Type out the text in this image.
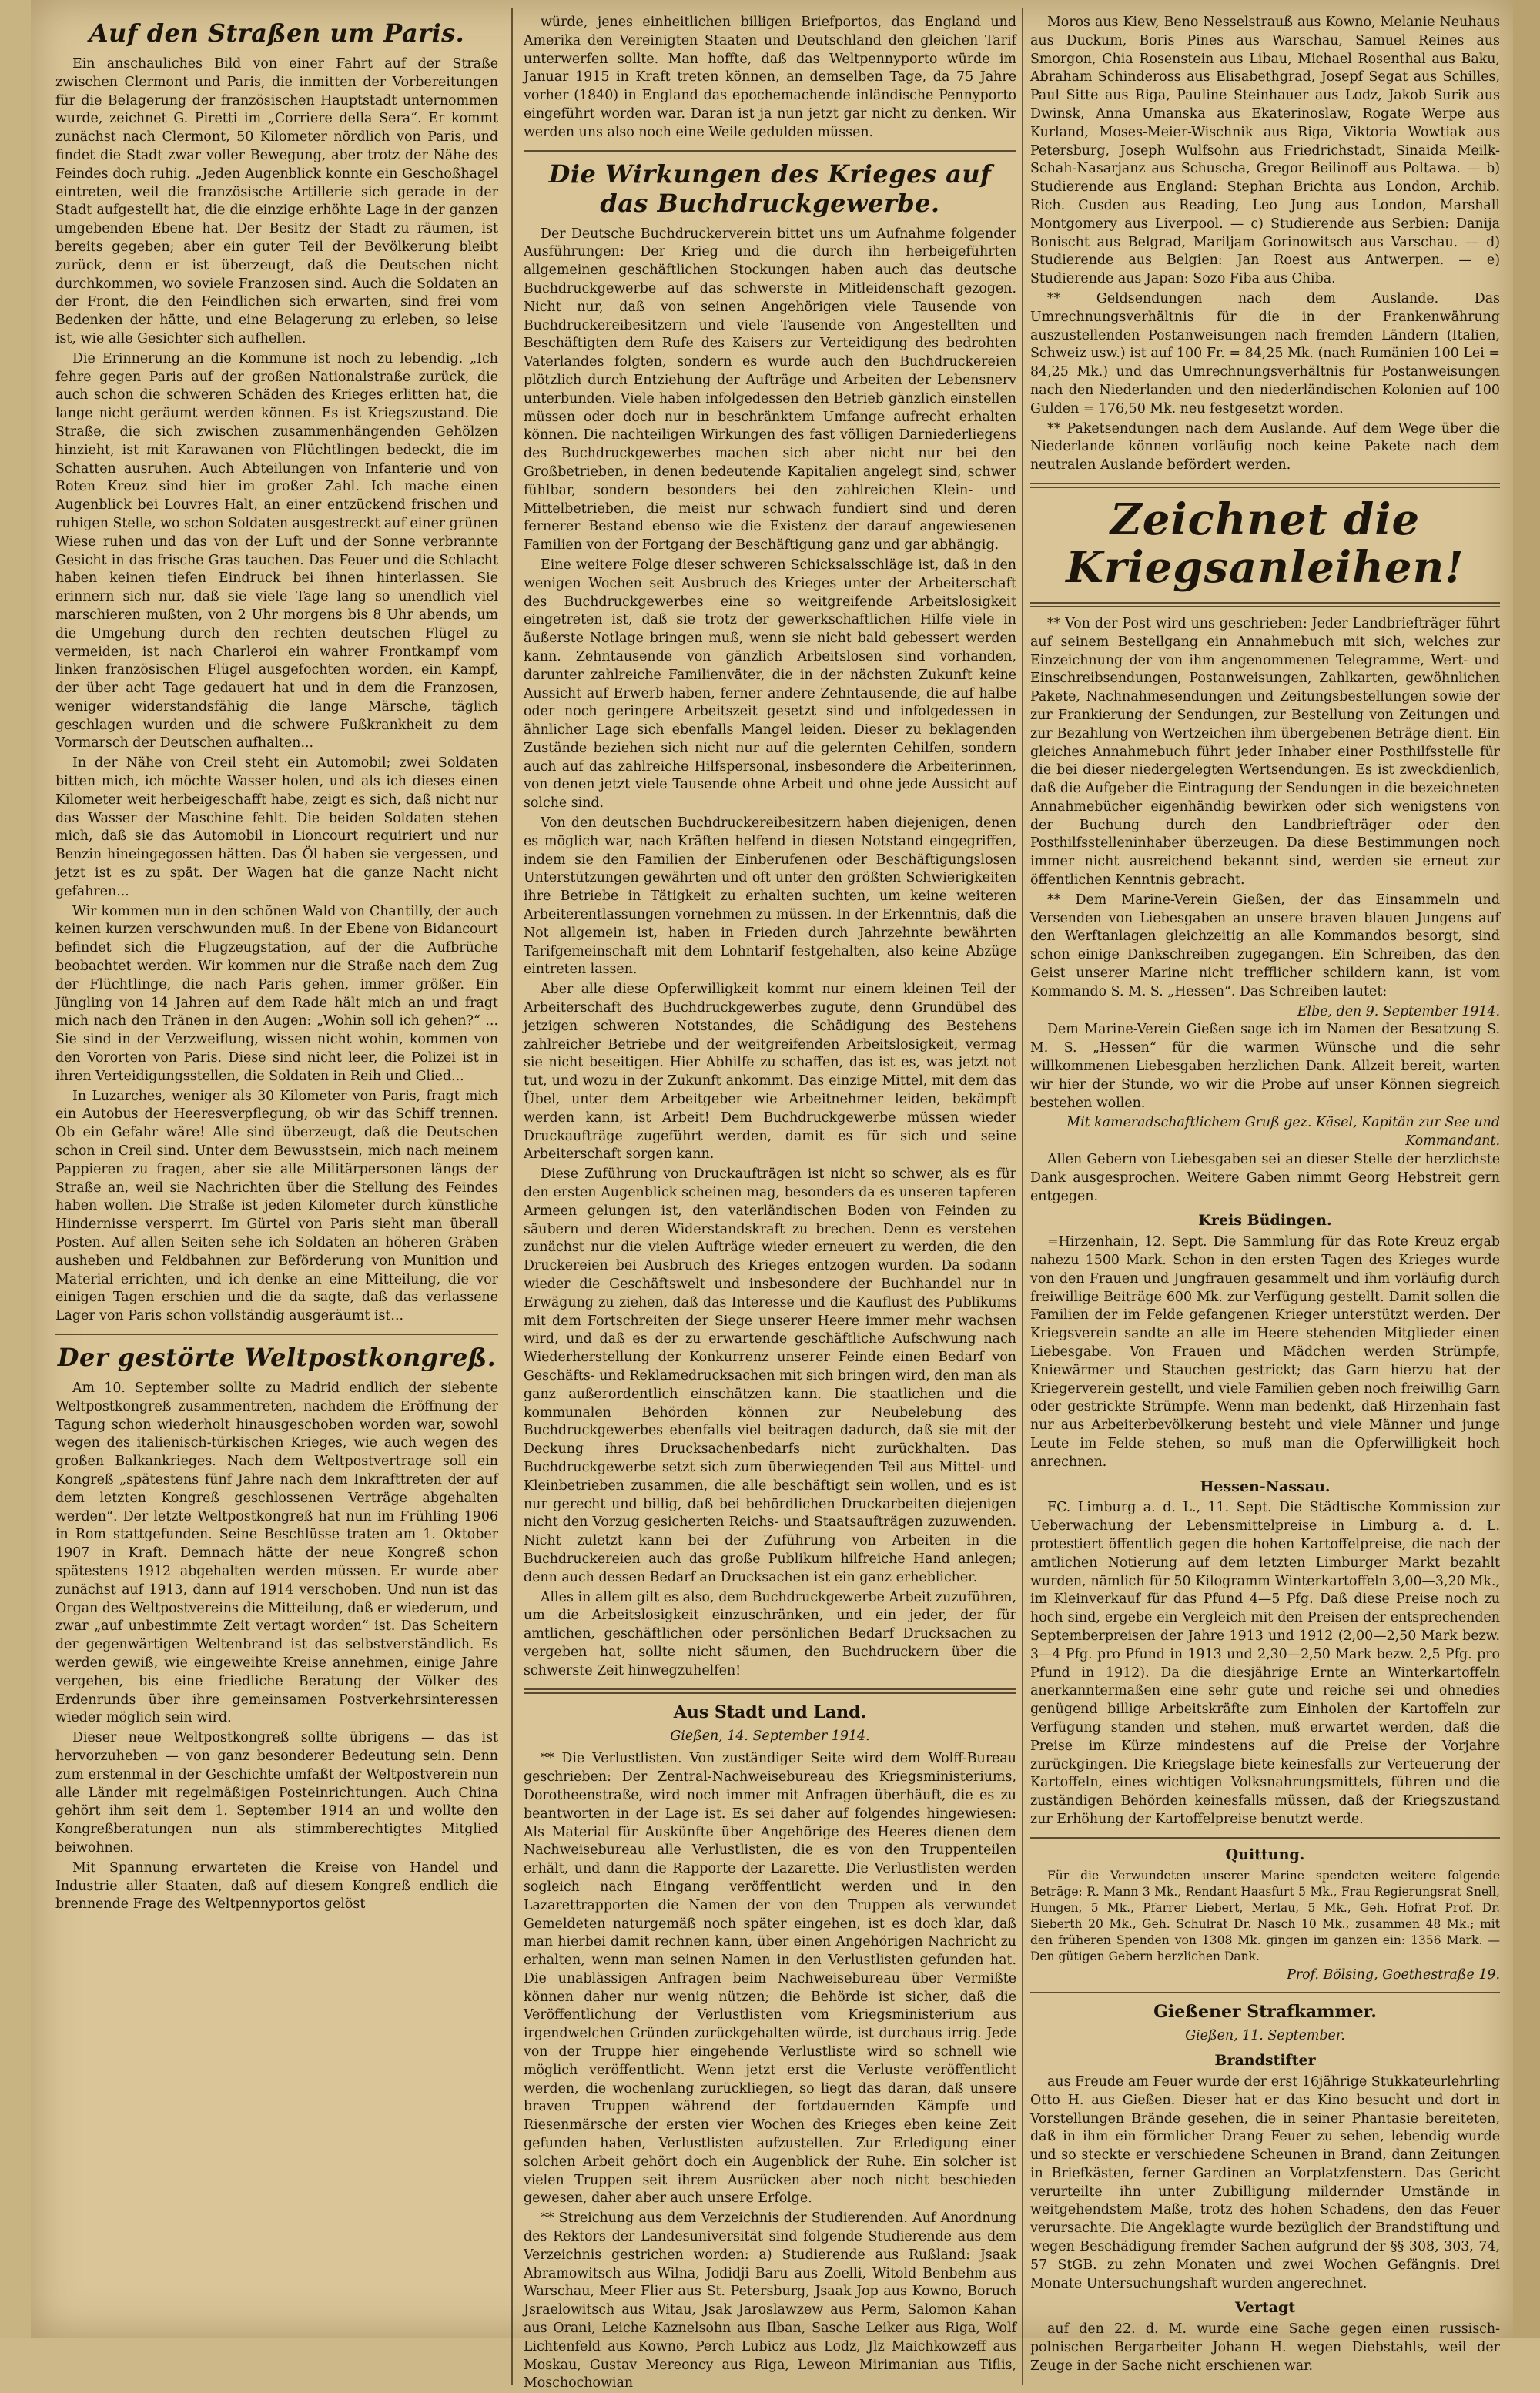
Auf den Straßen um Paris.

Ein anschauliches Bild von einer Fahrt auf der Straße zwischen Clermont und Paris, die inmitten der Vorbereitungen für die Belagerung der französischen Hauptstadt unternommen wurde, zeichnet G. Piretti im „Corriere della Sera“. Er kommt zunächst nach Clermont, 50 Kilometer nördlich von Paris, und findet die Stadt zwar voller Bewegung, aber trotz der Nähe des Feindes doch ruhig. „Jeden Augenblick konnte ein Geschoßhagel eintreten, weil die französische Artillerie sich gerade in der Stadt aufgestellt hat, die die einzige erhöhte Lage in der ganzen umgebenden Ebene hat. Der Besitz der Stadt zu räumen, ist bereits gegeben; aber ein guter Teil der Bevölkerung bleibt zurück, denn er ist überzeugt, daß die Deutschen nicht durchkommen, wo soviele Franzosen sind. Auch die Soldaten an der Front, die den Feindlichen sich erwarten, sind frei vom Bedenken der hätte, und eine Belagerung zu erleben, so leise ist, wie alle Gesichter sich aufhellen.

Die Erinnerung an die Kommune ist noch zu lebendig. „Ich fehre gegen Paris auf der großen Nationalstraße zurück, die auch schon die schweren Schäden des Krieges erlitten hat, die lange nicht geräumt werden können. Es ist Kriegszustand. Die Straße, die sich zwischen zusammenhängenden Gehölzen hinzieht, ist mit Karawanen von Flüchtlingen bedeckt, die im Schatten ausruhen. Auch Abteilungen von Infanterie und von Roten Kreuz sind hier im großer Zahl. Ich mache einen Augenblick bei Louvres Halt, an einer entzückend frischen und ruhigen Stelle, wo schon Soldaten ausgestreckt auf einer grünen Wiese ruhen und das von der Luft und der Sonne verbrannte Gesicht in das frische Gras tauchen. Das Feuer und die Schlacht haben keinen tiefen Eindruck bei ihnen hinterlassen. Sie erinnern sich nur, daß sie viele Tage lang so unendlich viel marschieren mußten, von 2 Uhr morgens bis 8 Uhr abends, um die Umgehung durch den rechten deutschen Flügel zu vermeiden, ist nach Charleroi ein wahrer Frontkampf vom linken französischen Flügel ausgefochten worden, ein Kampf, der über acht Tage gedauert hat und in dem die Franzosen, weniger widerstandsfähig die lange Märsche, täglich geschlagen wurden und die schwere Fußkrankheit zu dem Vormarsch der Deutschen aufhalten...

In der Nähe von Creil steht ein Automobil; zwei Soldaten bitten mich, ich möchte Wasser holen, und als ich dieses einen Kilometer weit herbeigeschafft habe, zeigt es sich, daß nicht nur das Wasser der Maschine fehlt. Die beiden Soldaten stehen mich, daß sie das Automobil in Lioncourt requiriert und nur Benzin hineingegossen hätten. Das Öl haben sie vergessen, und jetzt ist es zu spät. Der Wagen hat die ganze Nacht nicht gefahren...

Wir kommen nun in den schönen Wald von Chantilly, der auch keinen kurzen verschwunden muß. In der Ebene von Bidancourt befindet sich die Flugzeugstation, auf der die Aufbrüche beobachtet werden. Wir kommen nur die Straße nach dem Zug der Flüchtlinge, die nach Paris gehen, immer größer. Ein Jüngling von 14 Jahren auf dem Rade hält mich an und fragt mich nach den Tränen in den Augen: „Wohin soll ich gehen?“ ... Sie sind in der Verzweiflung, wissen nicht wohin, kommen von den Vororten von Paris. Diese sind nicht leer, die Polizei ist in ihren Verteidigungsstellen, die Soldaten in Reih und Glied...

In Luzarches, weniger als 30 Kilometer von Paris, fragt mich ein Autobus der Heeresverpflegung, ob wir das Schiff trennen. Ob ein Gefahr wäre! Alle sind überzeugt, daß die Deutschen schon in Creil sind. Unter dem Bewusstsein, mich nach meinem Pappieren zu fragen, aber sie alle Militärpersonen längs der Straße an, weil sie Nachrichten über die Stellung des Feindes haben wollen. Die Straße ist jeden Kilometer durch künstliche Hindernisse versperrt. Im Gürtel von Paris sieht man überall Posten. Auf allen Seiten sehe ich Soldaten an höheren Gräben ausheben und Feldbahnen zur Beförderung von Munition und Material errichten, und ich denke an eine Mitteilung, die vor einigen Tagen erschien und die da sagte, daß das verlassene Lager von Paris schon vollständig ausgeräumt ist...

Der gestörte Weltpostkongreß.

Am 10. September sollte zu Madrid endlich der siebente Weltpostkongreß zusammentreten, nachdem die Eröffnung der Tagung schon wiederholt hinausgeschoben worden war, sowohl wegen des italienisch-türkischen Krieges, wie auch wegen des großen Balkankrieges. Nach dem Weltpostvertrage soll ein Kongreß „spätestens fünf Jahre nach dem Inkrafttreten der auf dem letzten Kongreß geschlossenen Verträge abgehalten werden“. Der letzte Weltpostkongreß hat nun im Frühling 1906 in Rom stattgefunden. Seine Beschlüsse traten am 1. Oktober 1907 in Kraft. Demnach hätte der neue Kongreß schon spätestens 1912 abgehalten werden müssen. Er wurde aber zunächst auf 1913, dann auf 1914 verschoben. Und nun ist das Organ des Weltpostvereins die Mitteilung, daß er wiederum, und zwar „auf unbestimmte Zeit vertagt worden“ ist. Das Scheitern der gegenwärtigen Weltenbrand ist das selbstverständlich. Es werden gewiß, wie eingeweihte Kreise annehmen, einige Jahre vergehen, bis eine friedliche Beratung der Völker des Erdenrunds über ihre gemeinsamen Postverkehrsinteressen wieder möglich sein wird.

Dieser neue Weltpostkongreß sollte übrigens — das ist hervorzuheben — von ganz besonderer Bedeutung sein. Denn zum erstenmal in der Geschichte umfaßt der Weltpostverein nun alle Länder mit regelmäßigen Posteinrichtungen. Auch China gehört ihm seit dem 1. September 1914 an und wollte den Kongreßberatungen nun als stimmberechtigtes Mitglied beiwohnen.

Mit Spannung erwarteten die Kreise von Handel und Industrie aller Staaten, daß auf diesem Kongreß endlich die brennende Frage des Weltpennyportos gelöst

würde, jenes einheitlichen billigen Briefportos, das England und Amerika den Vereinigten Staaten und Deutschland den gleichen Tarif unterwerfen sollte. Man hoffte, daß das Weltpennyporto würde im Januar 1915 in Kraft treten können, an demselben Tage, da 75 Jahre vorher (1840) in England das epochemachende inländische Pennyporto eingeführt worden war. Daran ist ja nun jetzt gar nicht zu denken. Wir werden uns also noch eine Weile gedulden müssen.

Die Wirkungen des Krieges auf das Buchdruckgewerbe.

Der Deutsche Buchdruckerverein bittet uns um Aufnahme folgender Ausführungen: Der Krieg und die durch ihn herbeigeführten allgemeinen geschäftlichen Stockungen haben auch das deutsche Buchdruckgewerbe auf das schwerste in Mitleidenschaft gezogen. Nicht nur, daß von seinen Angehörigen viele Tausende von Buchdruckereibesitzern und viele Tausende von Angestellten und Beschäftigten dem Rufe des Kaisers zur Verteidigung des bedrohten Vaterlandes folgten, sondern es wurde auch den Buchdruckereien plötzlich durch Entziehung der Aufträge und Arbeiten der Lebensnerv unterbunden. Viele haben infolgedessen den Betrieb gänzlich einstellen müssen oder doch nur in beschränktem Umfange aufrecht erhalten können. Die nachteiligen Wirkungen des fast völligen Darniederliegens des Buchdruckgewerbes machen sich aber nicht nur bei den Großbetrieben, in denen bedeutende Kapitalien angelegt sind, schwer fühlbar, sondern besonders bei den zahlreichen Klein- und Mittelbetrieben, die meist nur schwach fundiert sind und deren fernerer Bestand ebenso wie die Existenz der darauf angewiesenen Familien von der Fortgang der Beschäftigung ganz und gar abhängig.

Eine weitere Folge dieser schweren Schicksalsschläge ist, daß in den wenigen Wochen seit Ausbruch des Krieges unter der Arbeiterschaft des Buchdruckgewerbes eine so weitgreifende Arbeitslosigkeit eingetreten ist, daß sie trotz der gewerkschaftlichen Hilfe viele in äußerste Notlage bringen muß, wenn sie nicht bald gebessert werden kann. Zehntausende von gänzlich Arbeitslosen sind vorhanden, darunter zahlreiche Familienväter, die in der nächsten Zukunft keine Aussicht auf Erwerb haben, ferner andere Zehntausende, die auf halbe oder noch geringere Arbeitszeit gesetzt sind und infolgedessen in ähnlicher Lage sich ebenfalls Mangel leiden. Dieser zu beklagenden Zustände beziehen sich nicht nur auf die gelernten Gehilfen, sondern auch auf das zahlreiche Hilfspersonal, insbesondere die Arbeiterinnen, von denen jetzt viele Tausende ohne Arbeit und ohne jede Aussicht auf solche sind.

Von den deutschen Buchdruckereibesitzern haben diejenigen, denen es möglich war, nach Kräften helfend in diesen Notstand eingegriffen, indem sie den Familien der Einberufenen oder Beschäftigungslosen Unterstützungen gewährten und oft unter den größten Schwierigkeiten ihre Betriebe in Tätigkeit zu erhalten suchten, um keine weiteren Arbeiterentlassungen vornehmen zu müssen. In der Erkenntnis, daß die Not allgemein ist, haben in Frieden durch Jahrzehnte bewährten Tarifgemeinschaft mit dem Lohntarif festgehalten, also keine Abzüge eintreten lassen.

Aber alle diese Opferwilligkeit kommt nur einem kleinen Teil der Arbeiterschaft des Buchdruckgewerbes zugute, denn Grundübel des jetzigen schweren Notstandes, die Schädigung des Bestehens zahlreicher Betriebe und der weitgreifenden Arbeitslosigkeit, vermag sie nicht beseitigen. Hier Abhilfe zu schaffen, das ist es, was jetzt not tut, und wozu in der Zukunft ankommt. Das einzige Mittel, mit dem das Übel, unter dem Arbeitgeber wie Arbeitnehmer leiden, bekämpft werden kann, ist Arbeit! Dem Buchdruckgewerbe müssen wieder Druckaufträge zugeführt werden, damit es für sich und seine Arbeiterschaft sorgen kann.

Diese Zuführung von Druckaufträgen ist nicht so schwer, als es für den ersten Augenblick scheinen mag, besonders da es unseren tapferen Armeen gelungen ist, den vaterländischen Boden von Feinden zu säubern und deren Widerstandskraft zu brechen. Denn es verstehen zunächst nur die vielen Aufträge wieder erneuert zu werden, die den Druckereien bei Ausbruch des Krieges entzogen wurden. Da sodann wieder die Geschäftswelt und insbesondere der Buchhandel nur in Erwägung zu ziehen, daß das Interesse und die Kauflust des Publikums mit dem Fortschreiten der Siege unserer Heere immer mehr wachsen wird, und daß es der zu erwartende geschäftliche Aufschwung nach Wiederherstellung der Konkurrenz unserer Feinde einen Bedarf von Geschäfts- und Reklamedrucksachen mit sich bringen wird, den man als ganz außerordentlich einschätzen kann. Die staatlichen und die kommunalen Behörden können zur Neubelebung des Buchdruckgewerbes ebenfalls viel beitragen dadurch, daß sie mit der Deckung ihres Drucksachenbedarfs nicht zurückhalten. Das Buchdruckgewerbe setzt sich zum überwiegenden Teil aus Mittel- und Kleinbetrieben zusammen, die alle beschäftigt sein wollen, und es ist nur gerecht und billig, daß bei behördlichen Druckarbeiten diejenigen nicht den Vorzug gesicherten Reichs- und Staatsaufträgen zuzuwenden. Nicht zuletzt kann bei der Zuführung von Arbeiten in die Buchdruckereien auch das große Publikum hilfreiche Hand anlegen; denn auch dessen Bedarf an Drucksachen ist ein ganz erheblicher.

Alles in allem gilt es also, dem Buchdruckgewerbe Arbeit zuzuführen, um die Arbeitslosigkeit einzuschränken, und ein jeder, der für amtlichen, geschäftlichen oder persönlichen Bedarf Drucksachen zu vergeben hat, sollte nicht säumen, den Buchdruckern über die schwerste Zeit hinwegzuhelfen!

Aus Stadt und Land.
Gießen, 14. September 1914.

** Die Verlustlisten. Von zuständiger Seite wird dem Wolff-Bureau geschrieben: Der Zentral-Nachweisebureau des Kriegsministeriums, Dorotheenstraße, wird noch immer mit Anfragen überhäuft, die es zu beantworten in der Lage ist. Es sei daher auf folgendes hingewiesen: Als Material für Auskünfte über Angehörige des Heeres dienen dem Nachweisebureau alle Verlustlisten, die es von den Truppenteilen erhält, und dann die Rapporte der Lazarette. Die Verlustlisten werden sogleich nach Eingang veröffentlicht werden und in den Lazarettrapporten die Namen der von den Truppen als verwundet Gemeldeten naturgemäß noch später eingehen, ist es doch klar, daß man hierbei damit rechnen kann, über einen Angehörigen Nachricht zu erhalten, wenn man seinen Namen in den Verlustlisten gefunden hat. Die unablässigen Anfragen beim Nachweisebureau über Vermißte können daher nur wenig nützen; die Behörde ist sicher, daß die Veröffentlichung der Verlustlisten vom Kriegsministerium aus irgendwelchen Gründen zurückgehalten würde, ist durchaus irrig. Jede von der Truppe hier eingehende Verlustliste wird so schnell wie möglich veröffentlicht. Wenn jetzt erst die Verluste veröffentlicht werden, die wochenlang zurückliegen, so liegt das daran, daß unsere braven Truppen während der fortdauernden Kämpfe und Riesenmärsche der ersten vier Wochen des Krieges eben keine Zeit gefunden haben, Verlustlisten aufzustellen. Zur Erledigung einer solchen Arbeit gehört doch ein Augenblick der Ruhe. Ein solcher ist vielen Truppen seit ihrem Ausrücken aber noch nicht beschieden gewesen, daher aber auch unsere Erfolge.

** Streichung aus dem Verzeichnis der Studierenden. Auf Anordnung des Rektors der Landesuniversität sind folgende Studierende aus dem Verzeichnis gestrichen worden: a) Studierende aus Rußland: Jsaak Abramowitsch aus Wilna, Jodidji Baru aus Zoelli, Witold Benbehm aus Warschau, Meer Flier aus St. Petersburg, Jsaak Jop aus Kowno, Boruch Jsraelowitsch aus Witau, Jsak Jaroslawzew aus Perm, Salomon Kahan aus Orani, Leiche Kaznelsohn aus Ilban, Sasche Leiker aus Riga, Wolf Lichtenfeld aus Kowno, Perch Lubicz aus Lodz, Jlz Maichkowzeff aus Moskau, Gustav Mereoncy aus Riga, Leweon Mirimanian aus Tiflis, Moschochowian

Moros aus Kiew, Beno Nesselstrauß aus Kowno, Melanie Neuhaus aus Duckum, Boris Pines aus Warschau, Samuel Reines aus Smorgon, Chia Rosenstein aus Libau, Michael Rosenthal aus Baku, Abraham Schindeross aus Elisabethgrad, Josepf Segat aus Schilles, Paul Sitte aus Riga, Pauline Steinhauer aus Lodz, Jakob Surik aus Dwinsk, Anna Umanska aus Ekaterinoslaw, Rogate Werpe aus Kurland, Moses-Meier-Wischnik aus Riga, Viktoria Wowtiak aus Petersburg, Joseph Wulfsohn aus Friedrichstadt, Sinaida Meilk-Schah-Nasarjanz aus Schuscha, Gregor Beilinoff aus Poltawa. — b) Studierende aus England: Stephan Brichta aus London, Archib. Rich. Cusden aus Reading, Leo Jung aus London, Marshall Montgomery aus Liverpool. — c) Studierende aus Serbien: Danija Bonischt aus Belgrad, Mariljam Gorinowitsch aus Varschau. — d) Studierende aus Belgien: Jan Roest aus Antwerpen. — e) Studierende aus Japan: Sozo Fiba aus Chiba.

** Geldsendungen nach dem Auslande. Das Umrechnungsverhältnis für die in der Frankenwährung auszustellenden Postanweisungen nach fremden Ländern (Italien, Schweiz usw.) ist auf 100 Fr. = 84,25 Mk. (nach Rumänien 100 Lei = 84,25 Mk.) und das Umrechnungsverhältnis für Postanweisungen nach den Niederlanden und den niederländischen Kolonien auf 100 Gulden = 176,50 Mk. neu festgesetzt worden.

** Paketsendungen nach dem Auslande. Auf dem Wege über die Niederlande können vorläufig noch keine Pakete nach dem neutralen Auslande befördert werden.

Zeichnet die Kriegsanleihen!

** Von der Post wird uns geschrieben: Jeder Landbriefträger führt auf seinem Bestellgang ein Annahmebuch mit sich, welches zur Einzeichnung der von ihm angenommenen Telegramme, Wert- und Einschreibsendungen, Postanweisungen, Zahlkarten, gewöhnlichen Pakete, Nachnahmesendungen und Zeitungsbestellungen sowie der zur Frankierung der Sendungen, zur Bestellung von Zeitungen und zur Bezahlung von Wertzeichen ihm übergebenen Beträge dient. Ein gleiches Annahmebuch führt jeder Inhaber einer Posthilfsstelle für die bei dieser niedergelegten Wertsendungen. Es ist zweckdienlich, daß die Aufgeber die Eintragung der Sendungen in die bezeichneten Annahmebücher eigenhändig bewirken oder sich wenigstens von der Buchung durch den Landbriefträger oder den Posthilfsstelleninhaber überzeugen. Da diese Bestimmungen noch immer nicht ausreichend bekannt sind, werden sie erneut zur öffentlichen Kenntnis gebracht.

** Dem Marine-Verein Gießen, der das Einsammeln und Versenden von Liebesgaben an unsere braven blauen Jungens auf den Werftanlagen gleichzeitig an alle Kommandos besorgt, sind schon einige Dankschreiben zugegangen. Ein Schreiben, das den Geist unserer Marine nicht trefflicher schildern kann, ist vom Kommando S. M. S. „Hessen“. Das Schreiben lautet:

Elbe, den 9. September 1914.

Dem Marine-Verein Gießen sage ich im Namen der Besatzung S. M. S. „Hessen“ für die warmen Wünsche und die sehr willkommenen Liebesgaben herzlichen Dank. Allzeit bereit, warten wir hier der Stunde, wo wir die Probe auf unser Können siegreich bestehen wollen.

Mit kameradschaftlichem Gruß gez. Käsel, Kapitän zur See und Kommandant.

Allen Gebern von Liebesgaben sei an dieser Stelle der herzlichste Dank ausgesprochen. Weitere Gaben nimmt Georg Hebstreit gern entgegen.

Kreis Büdingen.

=Hirzenhain, 12. Sept. Die Sammlung für das Rote Kreuz ergab nahezu 1500 Mark. Schon in den ersten Tagen des Krieges wurde von den Frauen und Jungfrauen gesammelt und ihm vorläufig durch freiwillige Beiträge 600 Mk. zur Verfügung gestellt. Damit sollen die Familien der im Felde gefangenen Krieger unterstützt werden. Der Kriegsverein sandte an alle im Heere stehenden Mitglieder einen Liebesgabe. Von Frauen und Mädchen werden Strümpfe, Kniewärmer und Stauchen gestrickt; das Garn hierzu hat der Kriegerverein gestellt, und viele Familien geben noch freiwillig Garn oder gestrickte Strümpfe. Wenn man bedenkt, daß Hirzenhain fast nur aus Arbeiterbevölkerung besteht und viele Männer und junge Leute im Felde stehen, so muß man die Opferwilligkeit hoch anrechnen.

Hessen-Nassau.

FC. Limburg a. d. L., 11. Sept. Die Städtische Kommission zur Ueberwachung der Lebensmittelpreise in Limburg a. d. L. protestiert öffentlich gegen die hohen Kartoffelpreise, die nach der amtlichen Notierung auf dem letzten Limburger Markt bezahlt wurden, nämlich für 50 Kilogramm Winterkartoffeln 3,00—3,20 Mk., im Kleinverkauf für das Pfund 4—5 Pfg. Daß diese Preise noch zu hoch sind, ergebe ein Vergleich mit den Preisen der entsprechenden Septemberpreisen der Jahre 1913 und 1912 (2,00—2,50 Mark bezw. 3—4 Pfg. pro Pfund in 1913 und 2,30—2,50 Mark bezw. 2,5 Pfg. pro Pfund in 1912). Da die diesjährige Ernte an Winterkartoffeln anerkanntermaßen eine sehr gute und reiche sei und ohnedies genügend billige Arbeitskräfte zum Einholen der Kartoffeln zur Verfügung standen und stehen, muß erwartet werden, daß die Preise im Kürze mindestens auf die Preise der Vorjahre zurückgingen. Die Kriegslage biete keinesfalls zur Verteuerung der Kartoffeln, eines wichtigen Volksnahrungsmittels, führen und die zuständigen Behörden keinesfalls müssen, daß der Kriegszustand zur Erhöhung der Kartoffelpreise benutzt werde.

Quittung.

Für die Verwundeten unserer Marine spendeten weitere folgende Beträge: R. Mann 3 Mk., Rendant Haasfurt 5 Mk., Frau Regierungsrat Snell, Hungen, 5 Mk., Pfarrer Liebert, Merlau, 5 Mk., Geh. Hofrat Prof. Dr. Sieberth 20 Mk., Geh. Schulrat Dr. Nasch 10 Mk., zusammen 48 Mk.; mit den früheren Spenden von 1308 Mk. gingen im ganzen ein: 1356 Mark. — Den gütigen Gebern herzlichen Dank.

Prof. Bölsing, Goethestraße 19.
Gießener Strafkammer.
Gießen, 11. September.
Brandstifter

aus Freude am Feuer wurde der erst 16jährige Stukkateurlehrling Otto H. aus Gießen. Dieser hat er das Kino besucht und dort in Vorstellungen Brände gesehen, die in seiner Phantasie bereiteten, daß in ihm ein förmlicher Drang Feuer zu sehen, lebendig wurde und so steckte er verschiedene Scheunen in Brand, dann Zeitungen in Briefkästen, ferner Gardinen an Vorplatzfenstern. Das Gericht verurteilte ihn unter Zubilligung mildernder Umstände in weitgehendstem Maße, trotz des hohen Schadens, den das Feuer verursachte. Die Angeklagte wurde bezüglich der Brandstiftung und wegen Beschädigung fremder Sachen aufgrund der §§ 308, 303, 74, 57 StGB. zu zehn Monaten und zwei Wochen Gefängnis. Drei Monate Untersuchungshaft wurden angerechnet.

Vertagt

auf den 22. d. M. wurde eine Sache gegen einen russisch-polnischen Bergarbeiter Johann H. wegen Diebstahls, weil der Zeuge in der Sache nicht erschienen war.
